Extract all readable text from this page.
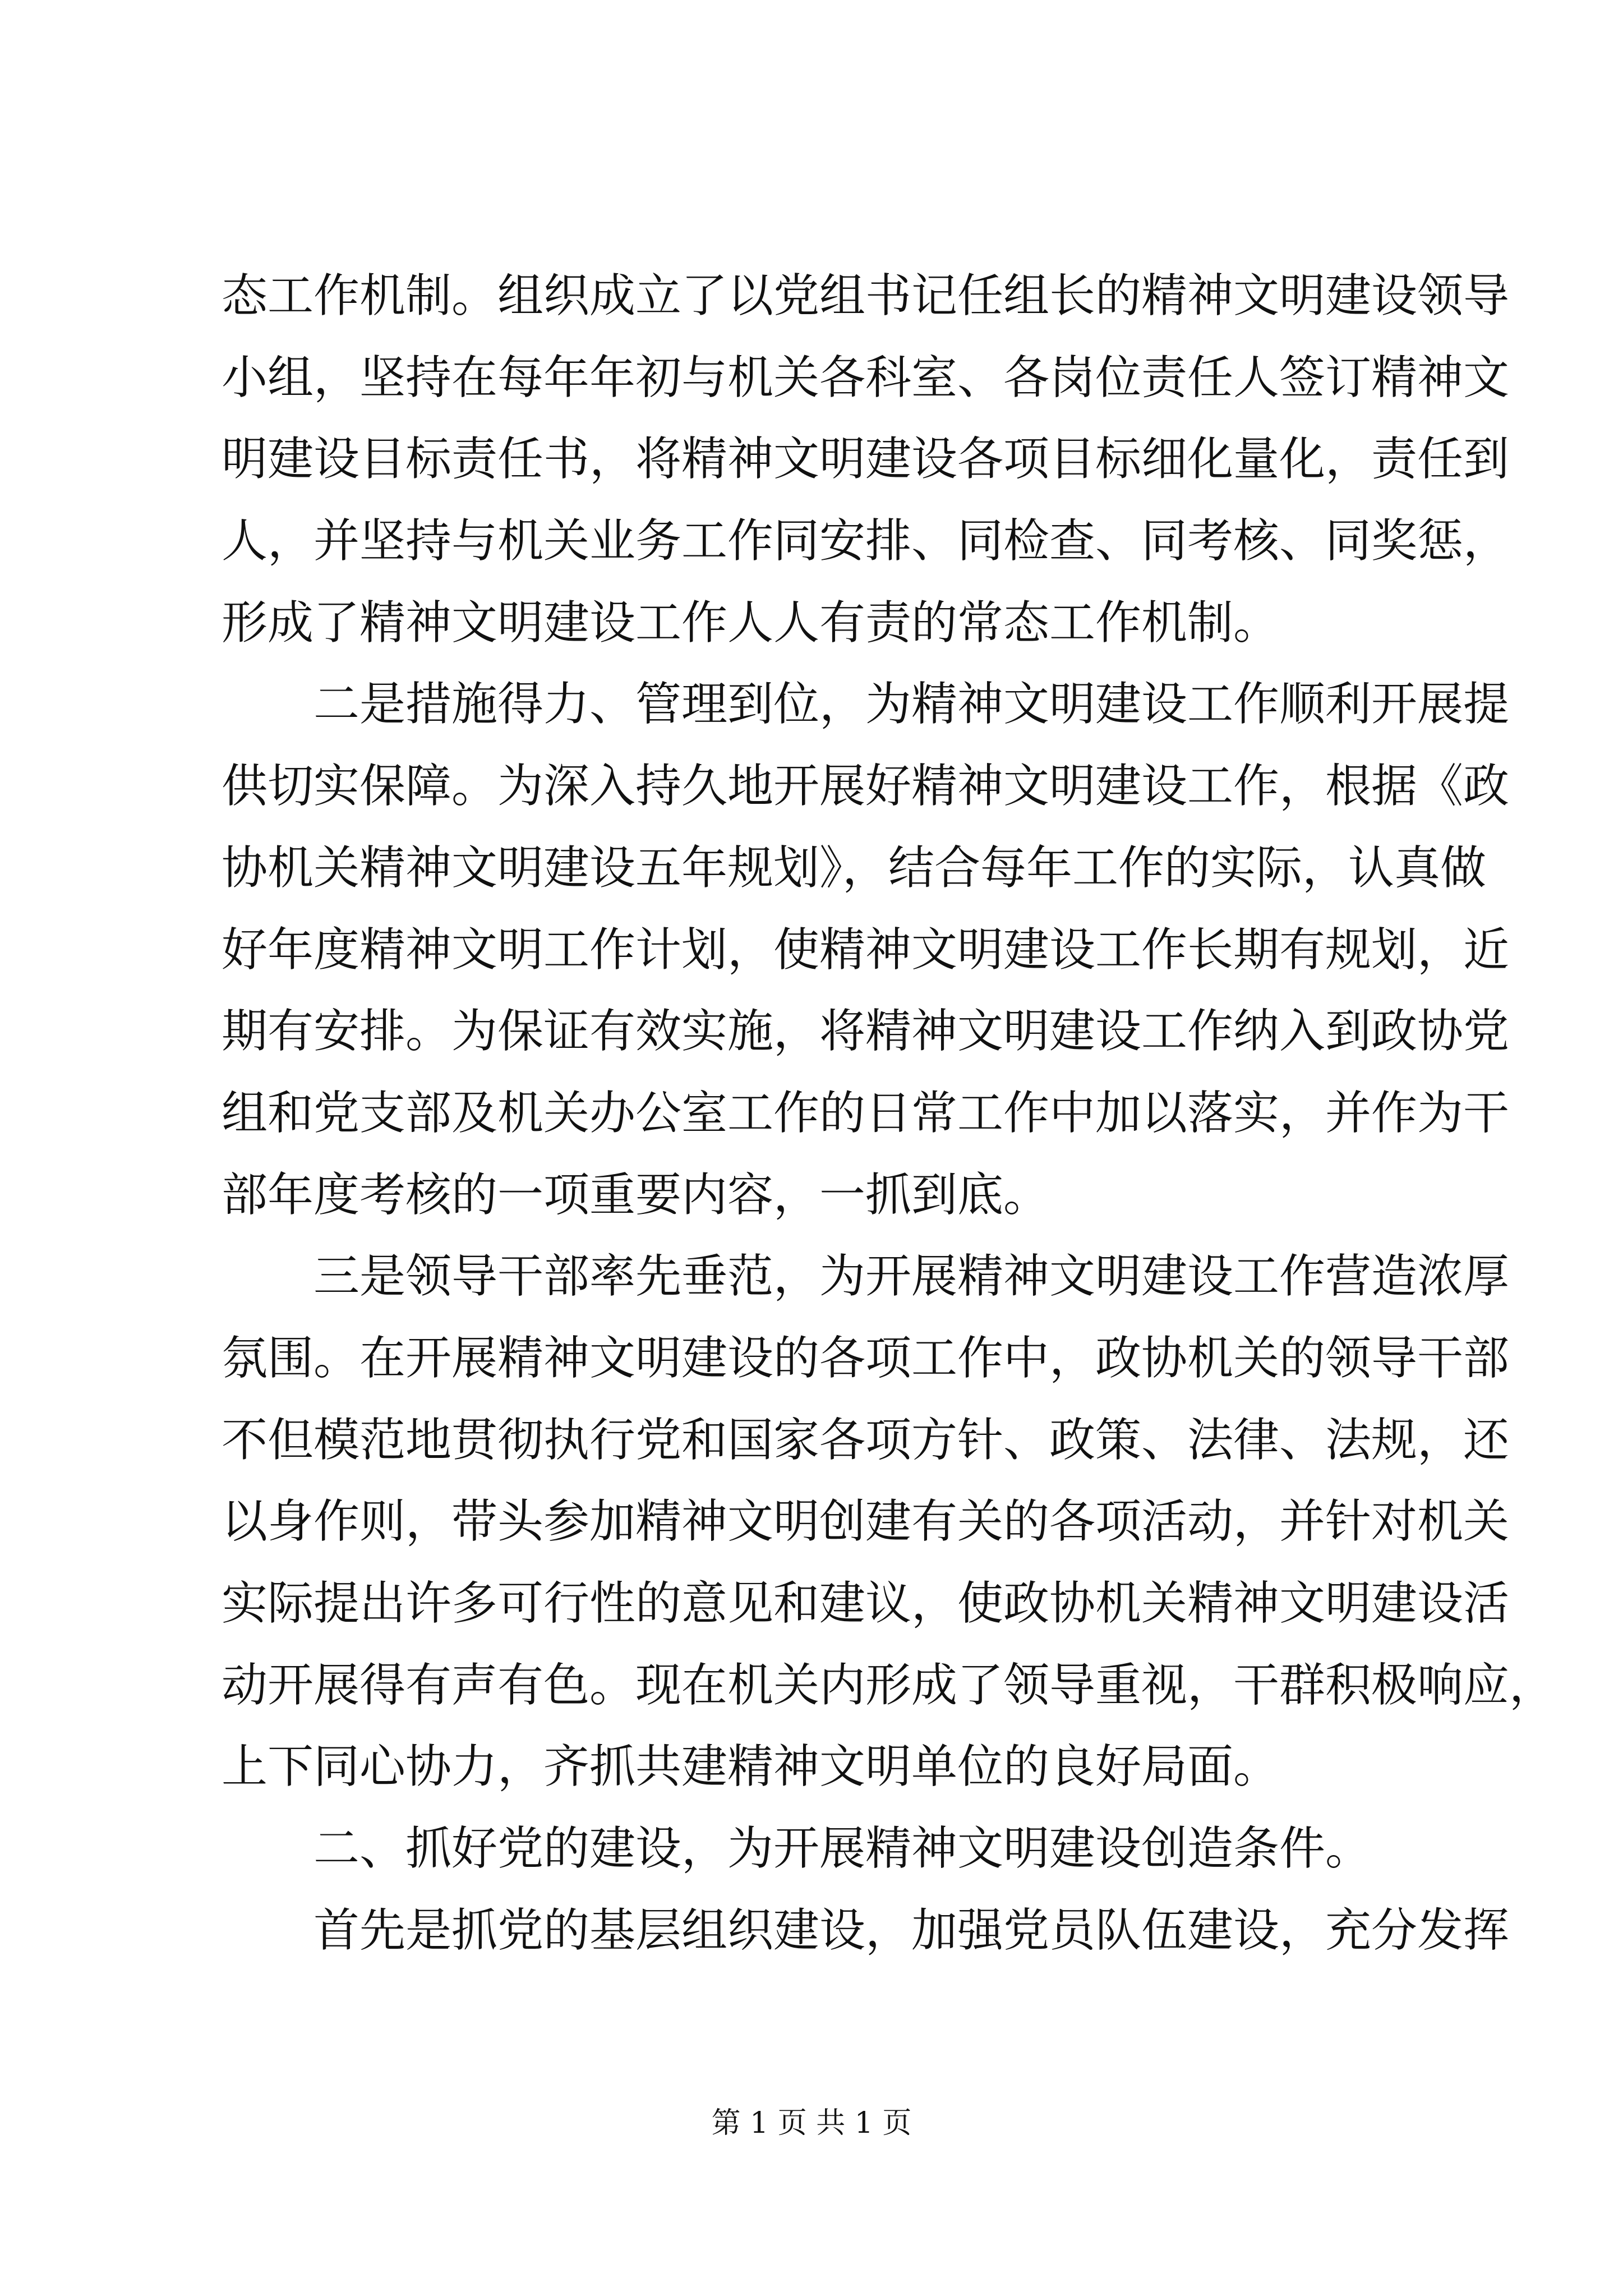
态工作机制。组织成立了以党组书记任组长的精神文明建设领导
小组，坚持在每年年初与机关各科室、各岗位责任人签订精神文
明建设目标责任书，将精神文明建设各项目标细化量化，责任到
人，并坚持与机关业务工作同安排、同检查、同考核、同奖惩，
形成了精神文明建设工作人人有责的常态工作机制。
二是措施得力、管理到位，为精神文明建设工作顺利开展提
供切实保障。为深入持久地开展好精神文明建设工作，根据《政
协机关精神文明建设五年规划》，结合每年工作的实际，认真做
好年度精神文明工作计划，使精神文明建设工作长期有规划，近
期有安排。为保证有效实施，将精神文明建设工作纳入到政协党
组和党支部及机关办公室工作的日常工作中加以落实，并作为干
部年度考核的一项重要内容，一抓到底。
三是领导干部率先垂范，为开展精神文明建设工作营造浓厚
氛围。在开展精神文明建设的各项工作中，政协机关的领导干部
不但模范地贯彻执行党和国家各项方针、政策、法律、法规，还
以身作则，带头参加精神文明创建有关的各项活动，并针对机关
实际提出许多可行性的意见和建议，使政协机关精神文明建设活
动开展得有声有色。现在机关内形成了领导重视，干群积极响应，
上下同心协力，齐抓共建精神文明单位的良好局面。
二、抓好党的建设，为开展精神文明建设创造条件。
首先是抓党的基层组织建设，加强党员队伍建设，充分发挥
第 1 页 共 1 页
